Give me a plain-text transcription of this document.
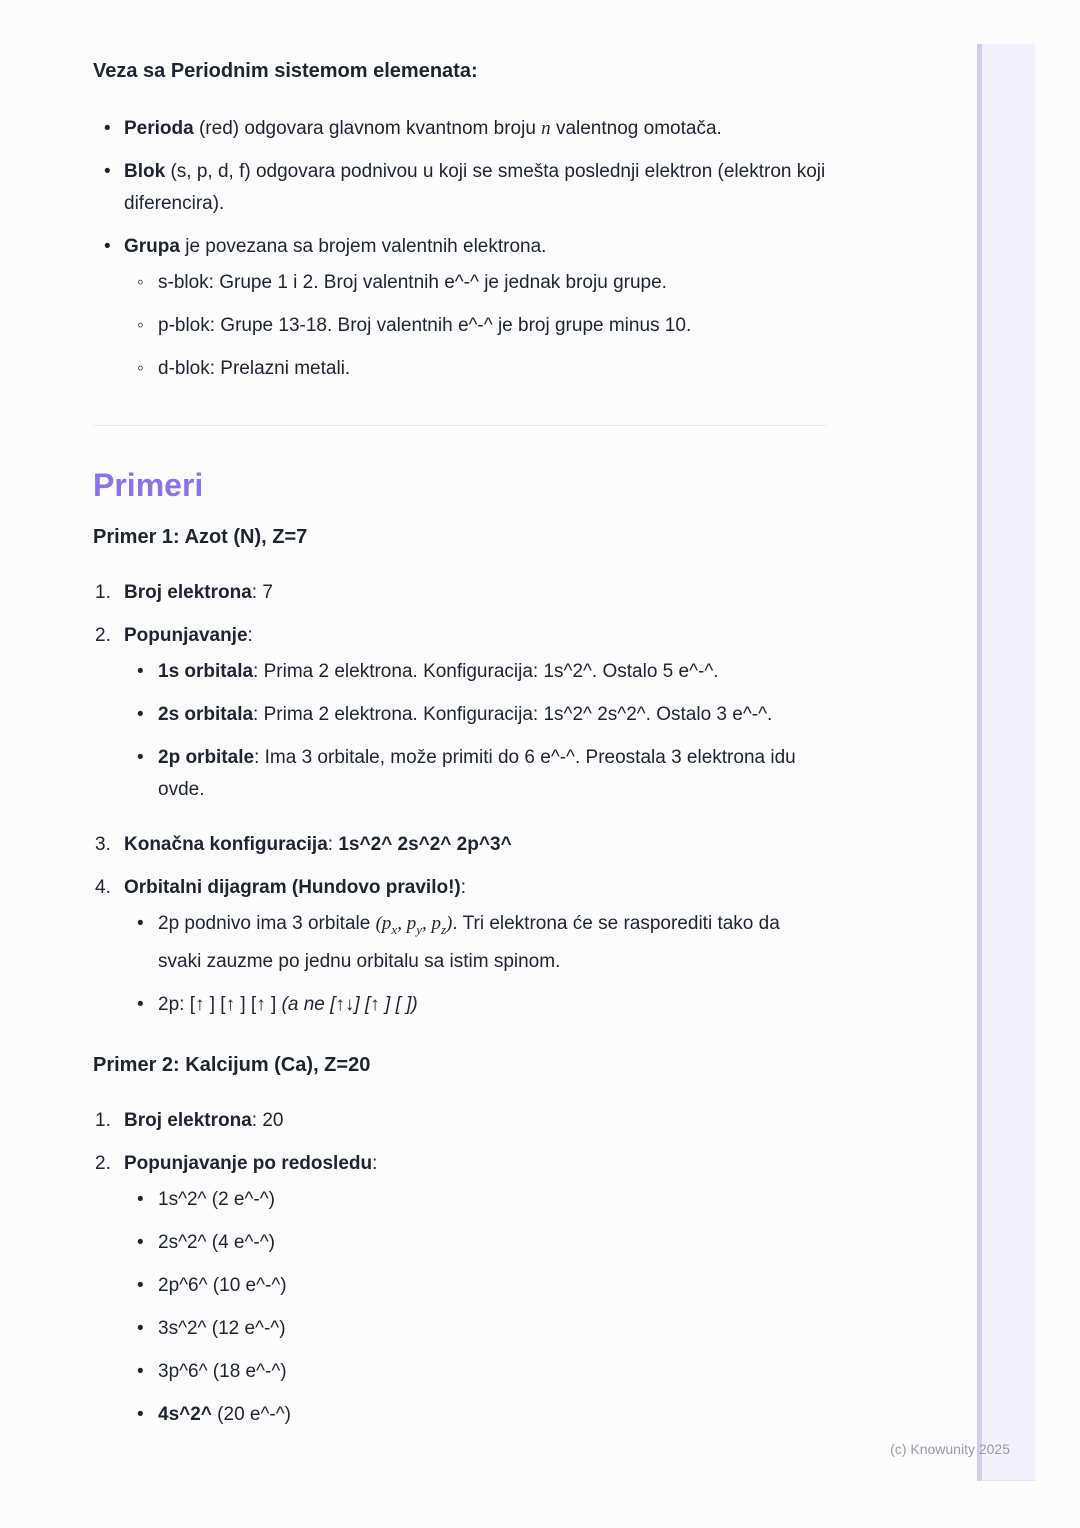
Veza sa Periodnim sistemom elemenata:
• Perioda (red) odgovara glavnom kvantnom broju n valentnog omotača.
• Blok (s, p, d, f) odgovara podnivou u koji se smešta poslednji elektron (elektron koji diferencira).
• Grupa je povezana sa brojem valentnih elektrona.
◦ s-blok: Grupe 1 i 2. Broj valentnih e^-^ je jednak broju grupe.
◦ p-blok: Grupe 13-18. Broj valentnih e^-^ je broj grupe minus 10.
◦ d-blok: Prelazni metali.
Primeri
Primer 1: Azot (N), Z=7
1. Broj elektrona: 7
2. Popunjavanje:
• 1s orbitala: Prima 2 elektrona. Konfiguracija: 1s^2^. Ostalo 5 e^-^.
• 2s orbitala: Prima 2 elektrona. Konfiguracija: 1s^2^ 2s^2^. Ostalo 3 e^-^.
• 2p orbitale: Ima 3 orbitale, može primiti do 6 e^-^. Preostala 3 elektrona idu ovde.
3. Konačna konfiguracija: 1s^2^ 2s^2^ 2p^3^
4. Orbitalni dijagram (Hundovo pravilo!):
• 2p podnivo ima 3 orbitale ($p_x$, $p_y$, $p_z$). Tri elektrona će se rasporediti tako da svaki zauzme po jednu orbitalu sa istim spinom.
• 2p: [↑ ] [↑ ] [↑ ] (a ne [↑↓] [↑ ] [ ])
Primer 2: Kalcijum (Ca), Z=20
1. Broj elektrona: 20
2. Popunjavanje po redosledu:
• 1s^2^ (2 e^-^)
• 2s^2^ (4 e^-^)
• 2p^6^ (10 e^-^)
• 3s^2^ (12 e^-^)
• 3p^6^ (18 e^-^)
• 4s^2^ (20 e^-^)
(c) Knowunity 2025
